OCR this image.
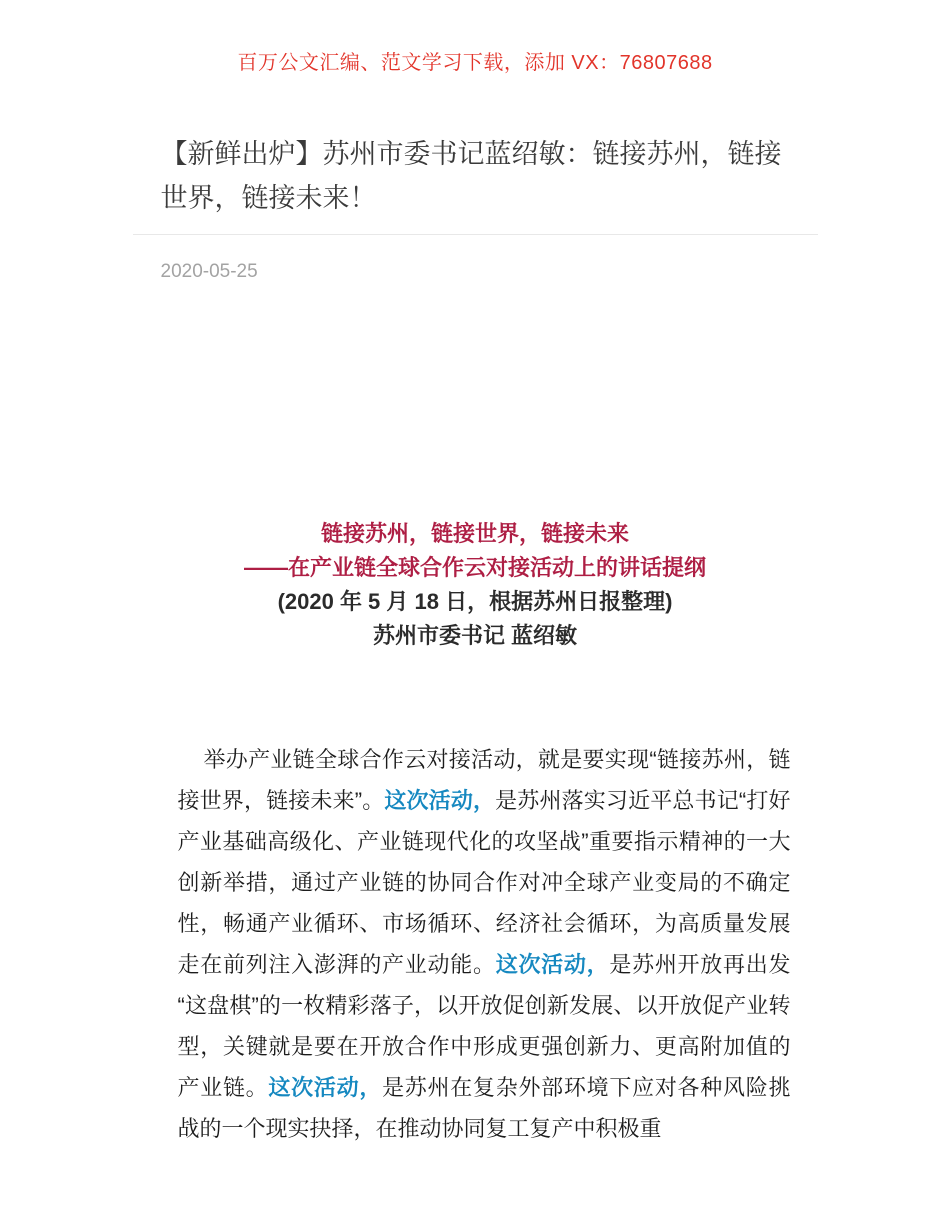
百万公文汇编、范文学习下载，添加 VX：76807688
【新鲜出炉】苏州市委书记蓝绍敏：链接苏州，链接世界，链接未来！
2020-05-25
链接苏州，链接世界，链接未来
——在产业链全球合作云对接活动上的讲话提纲
(2020 年 5 月 18 日，根据苏州日报整理)
苏州市委书记 蓝绍敏

举办产业链全球合作云对接活动，就是要实现“链接苏州，链接世界，链接未来”。这次活动，是苏州落实习近平总书记“打好产业基础高级化、产业链现代化的攻坚战”重要指示精神的一大创新举措，通过产业链的协同合作对冲全球产业变局的不确定性，畅通产业循环、市场循环、经济社会循环，为高质量发展走在前列注入澎湃的产业动能。这次活动，是苏州开放再出发“这盘棋”的一枚精彩落子，以开放促创新发展、以开放促产业转型，关键就是要在开放合作中形成更强创新力、更高附加值的产业链。这次活动，是苏州在复杂外部环境下应对各种风险挑战的一个现实抉择，在推动协同复工复产中积极重
